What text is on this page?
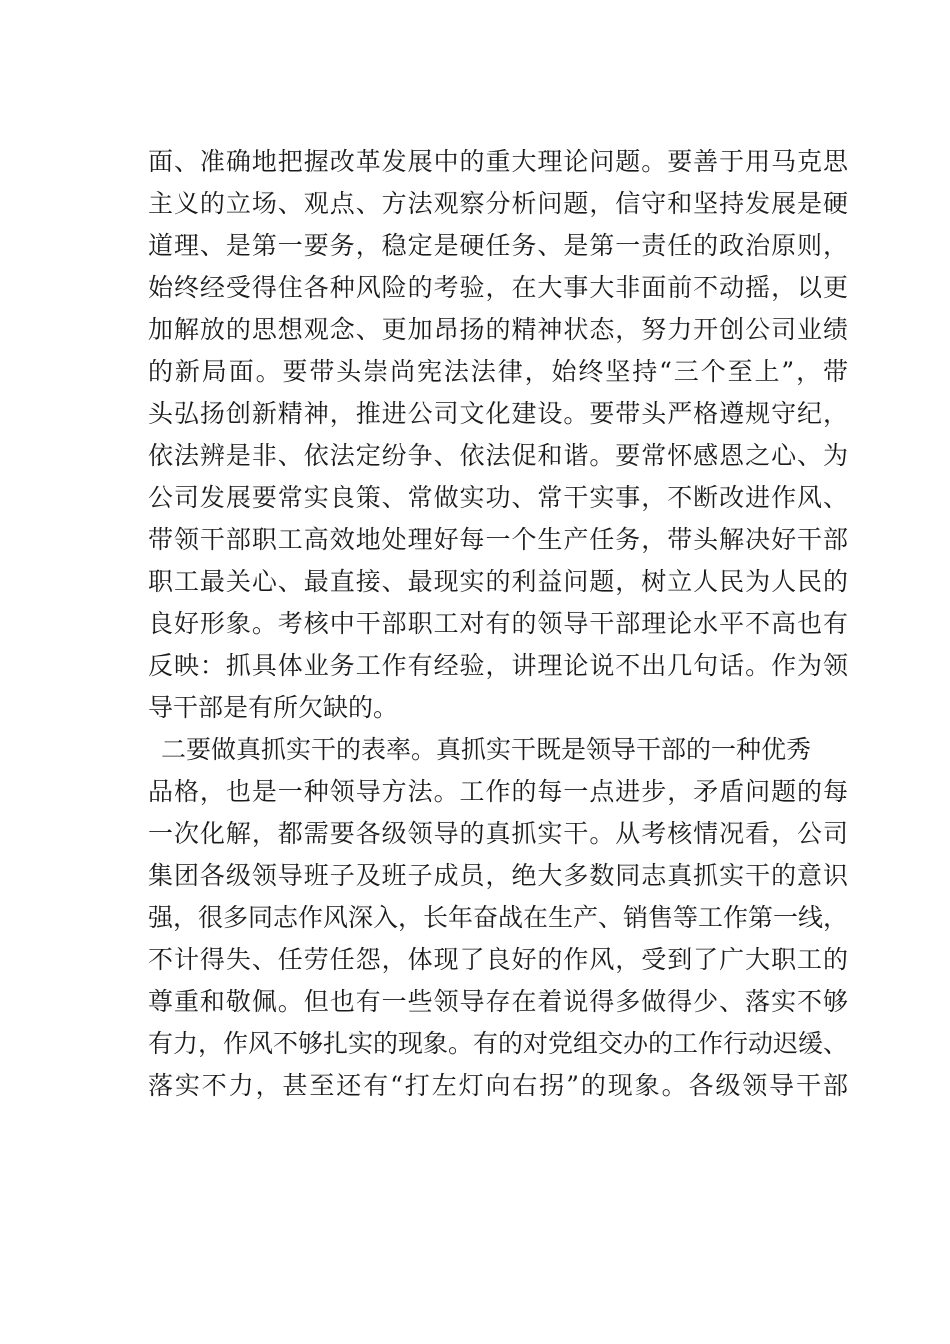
面、准确地把握改革发展中的重大理论问题。要善于用马克思
主义的立场、观点、方法观察分析问题，信守和坚持发展是硬
道理、是第一要务，稳定是硬任务、是第一责任的政治原则，
始终经受得住各种风险的考验，在大事大非面前不动摇，以更
加解放的思想观念、更加昂扬的精神状态，努力开创公司业绩
的新局面。要带头崇尚宪法法律，始终坚持“三个至上”，带
头弘扬创新精神，推进公司文化建设。要带头严格遵规守纪，
依法辨是非、依法定纷争、依法促和谐。要常怀感恩之心、为
公司发展要常实良策、常做实功、常干实事，不断改进作风、
带领干部职工高效地处理好每一个生产任务，带头解决好干部
职工最关心、最直接、最现实的利益问题，树立人民为人民的
良好形象。考核中干部职工对有的领导干部理论水平不高也有
反映：抓具体业务工作有经验，讲理论说不出几句话。作为领
导干部是有所欠缺的。
二要做真抓实干的表率。真抓实干既是领导干部的一种优秀
品格，也是一种领导方法。工作的每一点进步，矛盾问题的每
一次化解，都需要各级领导的真抓实干。从考核情况看，公司
集团各级领导班子及班子成员，绝大多数同志真抓实干的意识
强，很多同志作风深入，长年奋战在生产、销售等工作第一线，
不计得失、任劳任怨，体现了良好的作风，受到了广大职工的
尊重和敬佩。但也有一些领导存在着说得多做得少、落实不够
有力，作风不够扎实的现象。有的对党组交办的工作行动迟缓、
落实不力，甚至还有“打左灯向右拐”的现象。各级领导干部
